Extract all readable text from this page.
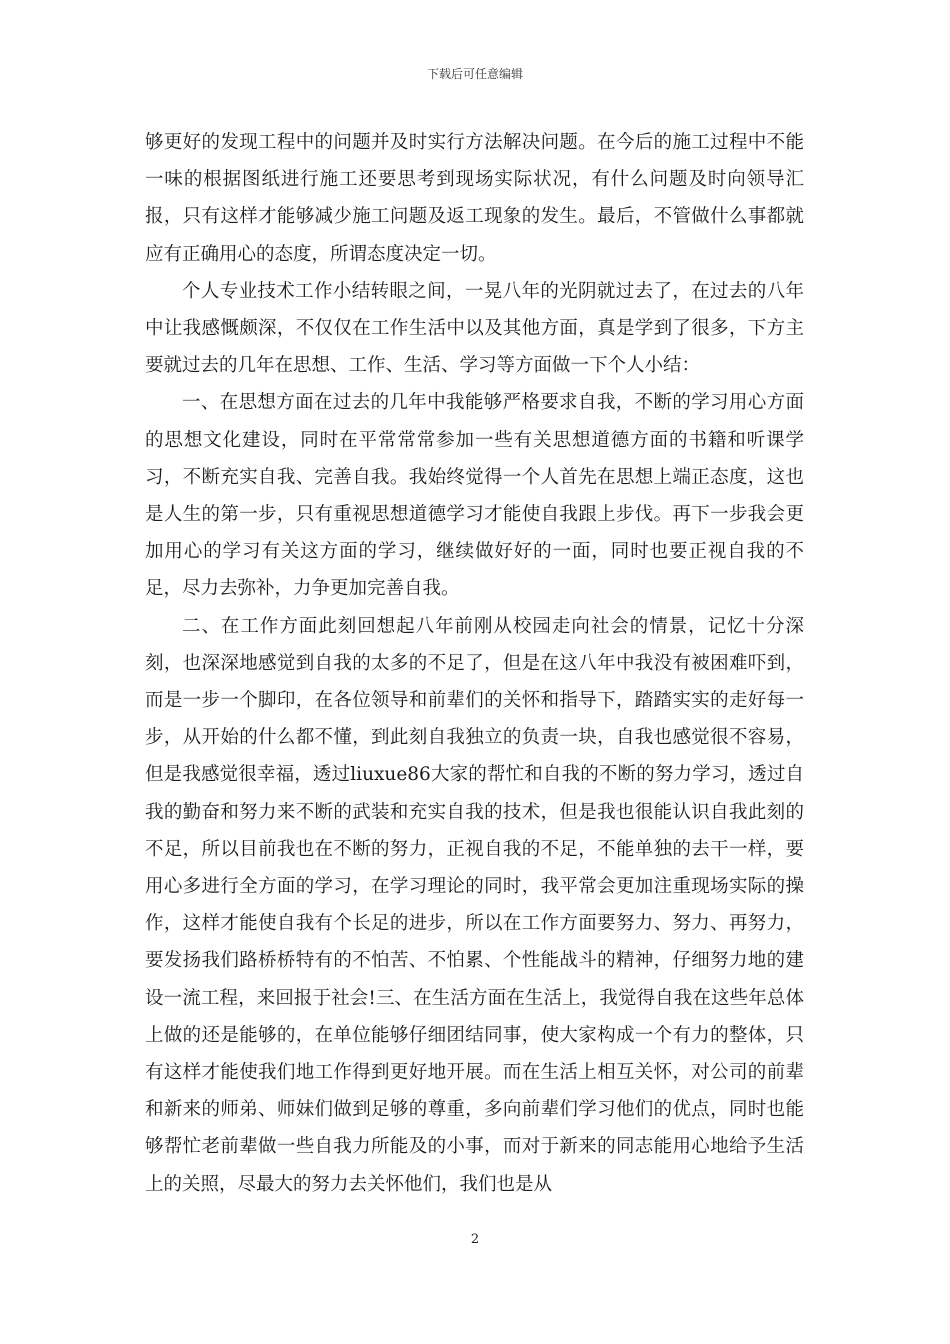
下载后可任意编辑

够更好的发现工程中的问题并及时实行方法解决问题。在今后的施工过程中不能一味的根据图纸进行施工还要思考到现场实际状况，有什么问题及时向领导汇报，只有这样才能够减少施工问题及返工现象的发生。最后，不管做什么事都就应有正确用心的态度，所谓态度决定一切。

个人专业技术工作小结转眼之间，一晃八年的光阴就过去了，在过去的八年中让我感慨颇深，不仅仅在工作生活中以及其他方面，真是学到了很多，下方主要就过去的几年在思想、工作、生活、学习等方面做一下个人小结：

一、在思想方面在过去的几年中我能够严格要求自我，不断的学习用心方面的思想文化建设，同时在平常常常参加一些有关思想道德方面的书籍和听课学习，不断充实自我、完善自我。我始终觉得一个人首先在思想上端正态度，这也是人生的第一步，只有重视思想道德学习才能使自我跟上步伐。再下一步我会更加用心的学习有关这方面的学习，继续做好好的一面，同时也要正视自我的不足，尽力去弥补，力争更加完善自我。

二、在工作方面此刻回想起八年前刚从校园走向社会的情景，记忆十分深刻，也深深地感觉到自我的太多的不足了，但是在这八年中我没有被困难吓到，而是一步一个脚印，在各位领导和前辈们的关怀和指导下，踏踏实实的走好每一步，从开始的什么都不懂，到此刻自我独立的负责一块，自我也感觉很不容易，但是我感觉很幸福，透过liuxue86大家的帮忙和自我的不断的努力学习，透过自我的勤奋和努力来不断的武装和充实自我的技术，但是我也很能认识自我此刻的不足，所以目前我也在不断的努力，正视自我的不足，不能单独的去干一样，要用心多进行全方面的学习，在学习理论的同时，我平常会更加注重现场实际的操作，这样才能使自我有个长足的进步，所以在工作方面要努力、努力、再努力，要发扬我们路桥桥特有的不怕苦、不怕累、个性能战斗的精神，仔细努力地的建设一流工程，来回报于社会!三、在生活方面在生活上，我觉得自我在这些年总体上做的还是能够的，在单位能够仔细团结同事，使大家构成一个有力的整体，只有这样才能使我们地工作得到更好地开展。而在生活上相互关怀，对公司的前辈和新来的师弟、师妹们做到足够的尊重，多向前辈们学习他们的优点，同时也能够帮忙老前辈做一些自我力所能及的小事，而对于新来的同志能用心地给予生活上的关照，尽最大的努力去关怀他们，我们也是从

2
